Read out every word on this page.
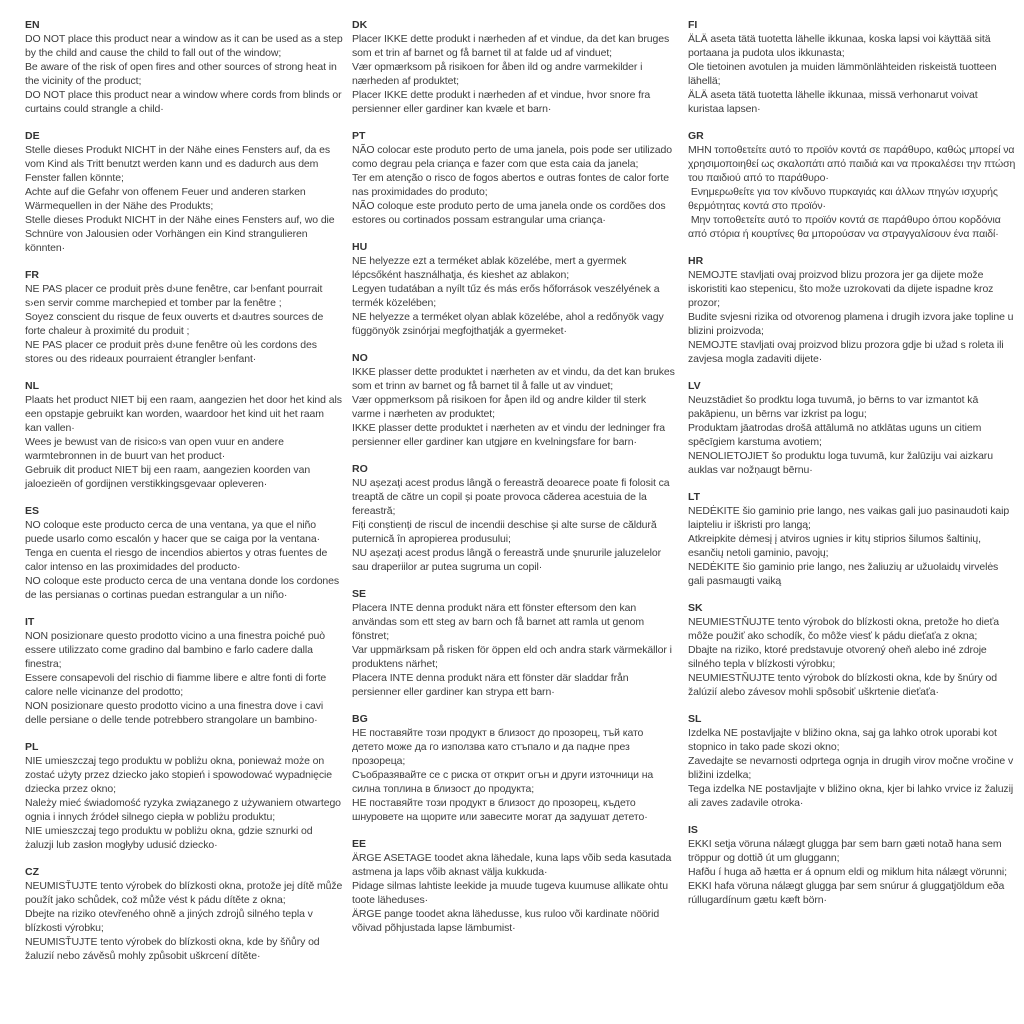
EN

DO NOT place this product near a window as it can be used as a step by the child and cause the child to fall out of the window;

Be aware of the risk of open fires and other sources of strong heat in the vicinity of the product;

DO NOT place this product near a window where cords from blinds or curtains could strangle a child·

DE

Stelle dieses Produkt NICHT in der Nähe eines Fensters auf, da es vom Kind als Tritt benutzt werden kann und es dadurch aus dem Fenster fallen könnte;

Achte auf die Gefahr von offenem Feuer und anderen starken Wärmequellen in der Nähe des Produkts;

Stelle dieses Produkt NICHT in der Nähe eines Fensters auf, wo die Schnüre von Jalousien oder Vorhängen ein Kind strangulieren könnten·

FR

NE PAS placer ce produit près d›une fenêtre, car l›enfant pourrait s›en servir comme marchepied et tomber par la fenêtre ;

Soyez conscient du risque de feux ouverts et d›autres sources de forte chaleur à proximité du produit ;

NE PAS placer ce produit près d›une fenêtre où les cordons des stores ou des rideaux pourraient étrangler l›enfant·

NL

Plaats het product NIET bij een raam, aangezien het door het kind als een opstapje gebruikt kan worden, waardoor het kind uit het raam kan vallen·

Wees je bewust van de risico›s van open vuur en andere warmtebronnen in de buurt van het product·

Gebruik dit product NIET bij een raam, aangezien koorden van jaloezieën of gordijnen verstikkingsgevaar opleveren·

ES

NO coloque este producto cerca de una ventana, ya que el niño puede usarlo como escalón y hacer que se caiga por la ventana·

Tenga en cuenta el riesgo de incendios abiertos y otras fuentes de calor intenso en las proximidades del producto·

NO coloque este producto cerca de una ventana donde los cordones de las persianas o cortinas puedan estrangular a un niño·

IT

NON posizionare questo prodotto vicino a una finestra poiché può essere utilizzato come gradino dal bambino e farlo cadere dalla finestra;

Essere consapevoli del rischio di fiamme libere e altre fonti di forte calore nelle vicinanze del prodotto;

NON posizionare questo prodotto vicino a una finestra dove i cavi delle persiane o delle tende potrebbero strangolare un bambino·

PL

NIE umieszczaj tego produktu w pobliżu okna, ponieważ może on zostać użyty przez dziecko jako stopień i spowodować wypadnięcie dziecka przez okno;

Należy mieć świadomość ryzyka związanego z używaniem otwartego ognia i innych źródeł silnego ciepła w pobliżu produktu;

NIE umieszczaj tego produktu w pobliżu okna, gdzie sznurki od żaluzji lub zasłon mogłyby udusić dziecko·

CZ

NEUMISŤUJTE tento výrobek do blízkosti okna, protože jej dítě může použít jako schůdek, což může vést k pádu dítěte z okna;

Dbejte na riziko otevřeného ohně a jiných zdrojů silného tepla v blízkosti výrobku;

NEUMISŤUJTE tento výrobek do blízkosti okna, kde by šňůry od žaluzií nebo závěsů mohly způsobit uškrcení dítěte·

DK

Placer IKKE dette produkt i nærheden af et vindue, da det kan bruges som et trin af barnet og få barnet til at falde ud af vinduet;

Vær opmærksom på risikoen for åben ild og andre varmekilder i nærheden af produktet;

Placer IKKE dette produkt i nærheden af et vindue, hvor snore fra persienner eller gardiner kan kvæle et barn·

PT

NÃO colocar este produto perto de uma janela, pois pode ser utilizado como degrau pela criança e fazer com que esta caia da janela;

Ter em atenção o risco de fogos abertos e outras fontes de calor forte nas proximidades do produto;

NÃO coloque este produto perto de uma janela onde os cordões dos estores ou cortinados possam estrangular uma criança·

HU

NE helyezze ezt a terméket ablak közelébe, mert a gyermek lépcsőként használhatja, és kieshet az ablakon;

Legyen tudatában a nyílt tűz és más erős hőforrások veszélyének a termék közelében;

NE helyezze a terméket olyan ablak közelébe, ahol a redőnyök vagy függönyök zsinórjai megfojthatják a gyermeket·

NO

IKKE plasser dette produktet i nærheten av et vindu, da det kan brukes som et trinn av barnet og få barnet til å falle ut av vinduet;

Vær oppmerksom på risikoen for åpen ild og andre kilder til sterk varme i nærheten av produktet;

IKKE plasser dette produktet i nærheten av et vindu der ledninger fra persienner eller gardiner kan utgjøre en kvelningsfare for barn·

RO

NU așezați acest produs lângă o fereastră deoarece poate fi folosit ca treaptă de către un copil și poate provoca căderea acestuia de la fereastră;

Fiți conștienți de riscul de incendii deschise și alte surse de căldură puternică în apropierea produsului;

NU așezați acest produs lângă o fereastră unde șnururile jaluzelelor sau draperiilor ar putea sugruma un copil·

SE

Placera INTE denna produkt nära ett fönster eftersom den kan användas som ett steg av barn och få barnet att ramla ut genom fönstret;

Var uppmärksam på risken för öppen eld och andra stark värmekällor i produktens närhet;

Placera INTE denna produkt nära ett fönster där sladdar från persienner eller gardiner kan strypa ett barn·

BG

НЕ поставяйте този продукт в близост до прозорец, тъй като детето може да го използва като стъпало и да падне през прозореца;

Съобразявайте се с риска от открит огън и други източници на силна топлина в близост до продукта;

НЕ поставяйте този продукт в близост до прозорец, където шнуровете на щорите или завесите могат да задушат детето·

EE

ÄRGE ASETAGE toodet akna lähedale, kuna laps võib seda kasutada astmena ja laps võib aknast välja kukkuda·

Pidage silmas lahtiste leekide ja muude tugeva kuumuse allikate ohtu toote läheduses·

ÄRGE pange toodet akna lähedusse, kus ruloo või kardinate nöörid võivad põhjustada lapse lämbumist·

FI

ÄLÄ aseta tätä tuotetta lähelle ikkunaa, koska lapsi voi käyttää sitä portaana ja pudota ulos ikkunasta;

Ole tietoinen avotulen ja muiden lämmönlähteiden riskeistä tuotteen lähellä;

ÄLÄ aseta tätä tuotetta lähelle ikkunaa, missä verhonarut voivat kuristaa lapsen·

GR

ΜΗΝ τοποθετείτε αυτό το προϊόν κοντά σε παράθυρο, καθώς μπορεί να χρησιμοποιηθεί ως σκαλοπάτι από παιδιά και να προκαλέσει την πτώση του παιδιού από το παράθυρο·

Ενημερωθείτε για τον κίνδυνο πυρκαγιάς και άλλων πηγών ισχυρής θερμότητας κοντά στο προϊόν·

Μην τοποθετείτε αυτό το προϊόν κοντά σε παράθυρο όπου κορδόνια από στόρια ή κουρτίνες θα μπορούσαν να στραγγαλίσουν ένα παιδί·

HR

NEMOJTE stavljati ovaj proizvod blizu prozora jer ga dijete može iskoristiti kao stepenicu, što može uzrokovati da dijete ispadne kroz prozor;

Budite svjesni rizika od otvorenog plamena i drugih izvora jake topline u blizini proizvoda;

NEMOJTE stavljati ovaj proizvod blizu prozora gdje bi užad s roleta ili zavjesa mogla zadaviti dijete·

LV

Neuzstādiet šo prodktu loga tuvumā, jo bērns to var izmantot kā pakāpienu, un bērns var izkrist pa logu;

Produktam jāatrodas drošā attālumā no atklātas uguns un citiem spēcīgiem karstuma avotiem;

NENOLIETOJIET šo produktu loga tuvumā, kur žalūziju vai aizkaru auklas var nožņaugt bērnu·

LT

NEDĖKITE šio gaminio prie lango, nes vaikas gali juo pasinaudoti kaip laipteliu ir iškristi pro langą;

Atkreipkite dėmesį į atviros ugnies ir kitų stiprios šilumos šaltinių, esančių netoli gaminio, pavojų;

NEDĖKITE šio gaminio prie lango, nes žaliuzių ar užuolaidų virvelės gali pasmaugti vaiką

SK

NEUMIESTŇUJTE tento výrobok do blízkosti okna, pretože ho dieťa môže použiť ako schodík, čo môže viesť k pádu dieťaťa z okna;

Dbajte na riziko, ktoré predstavuje otvorený oheň alebo iné zdroje silného tepla v blízkosti výrobku;

NEUMIESTŇUJTE tento výrobok do blízkosti okna, kde by šnúry od žalúzií alebo závesov mohli spôsobiť uškrtenie dieťaťa·

SL

Izdelka NE postavljajte v bližino okna, saj ga lahko otrok uporabi kot stopnico in tako pade skozi okno;

Zavedajte se nevarnosti odprtega ognja in drugih virov močne vročine v bližini izdelka;

Tega izdelka NE postavljajte v bližino okna, kjer bi lahko vrvice iz žaluzij ali zaves zadavile otroka·

IS

EKKI setja vöruna nálægt glugga þar sem barn gæti notað hana sem tröppur og dottið út um gluggann;

Hafðu í huga að hætta er á opnum eldi og miklum hita nálægt vörunni;

EKKI hafa vöruna nálægt glugga þar sem snúrur á gluggatjöldum eða rúllugardínum gætu kæft börn·
